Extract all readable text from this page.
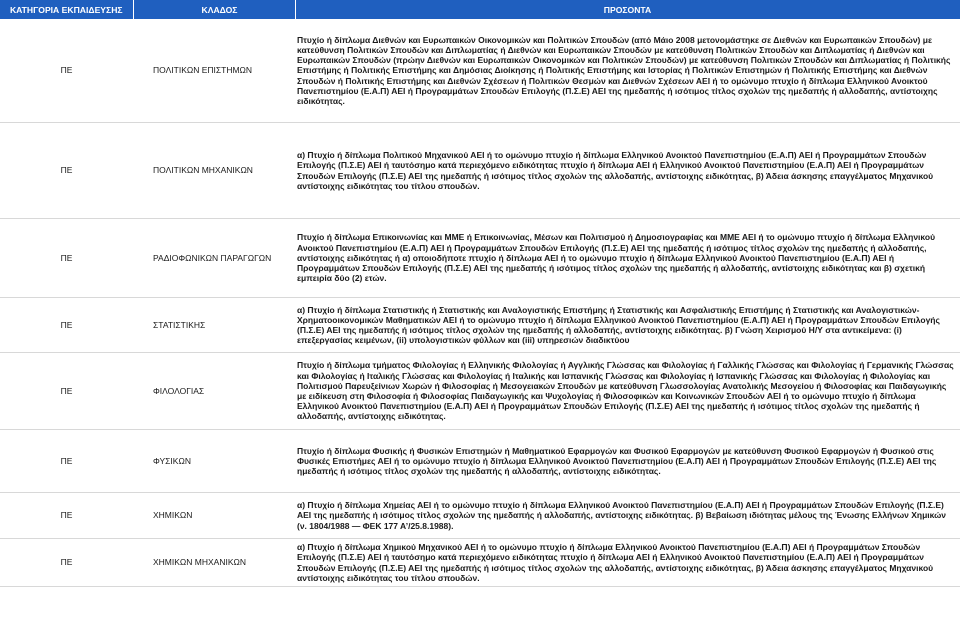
ΚΑΤΗΓΟΡΙΑ ΕΚΠΑΙΔΕΥΣΗΣ	ΚΛΑΔΟΣ	ΠΡΟΣΟΝΤΑ
ΠΕ	ΠΟΛΙΤΙΚΩΝ ΕΠΙΣΤΗΜΩΝ	Πτυχίο ή δίπλωμα Διεθνών και Ευρωπαικών Οικονομικών και Πολιτικών Σπουδών (από Μάιο 2008 μετονομάστηκε σε Διεθνών και Ευρωπαικών Σπουδών) με κατεύθυνση Πολιτικών Σπουδών και Διπλωματίας ή Διεθνών και Ευρωπαικών Σπουδών με κατεύθυνση Πολιτικών Σπουδών και Διπλωματίας ή Διεθνών και Ευρωπαικών Σπουδών (πρώην Διεθνών και Ευρωπαικών Οικονομικών και Πολιτικών Σπουδών) με κατεύθυνση Πολιτικών Σπουδών και Διπλωματίας ή Πολιτικής Επιστήμης ή Πολιτικής Επιστήμης και Δημόσιας Διοίκησης ή Πολιτικής Επιστήμης και Ιστορίας ή Πολιτικών Επιστημών ή Πολιτικής Επιστήμης και Διεθνών Σπουδών ή Πολιτικής Επιστήμης και Διεθνών Σχέσεων ή Πολιτικών Θεσμών και Διεθνών Σχέσεων ΑΕΙ ή το ομώνυμο πτυχίο ή δίπλωμα Ελληνικού Ανοικτού Πανεπιστημίου (Ε.Α.Π) ΑΕΙ ή Προγραμμάτων Σπουδών Επιλογής (Π.Σ.Ε) ΑΕΙ της ημεδαπής ή ισότιμος τίτλος σχολών της ημεδαπής ή αλλοδαπής, αντίστοιχης ειδικότητας.
ΠΕ	ΠΟΛΙΤΙΚΩΝ ΜΗΧΑΝΙΚΩΝ	α) Πτυχίο ή δίπλωμα Πολιτικού Μηχανικού ΑΕΙ ή το ομώνυμο πτυχίο ή δίπλωμα Ελληνικού Ανοικτού Πανεπιστημίου (Ε.Α.Π) ΑΕΙ ή Προγραμμάτων Σπουδών Επιλογής (Π.Σ.Ε) ΑΕΙ ή ταυτόσημο κατά περιεχόμενο ειδικότητας πτυχίο ή δίπλωμα ΑΕΙ ή Ελληνικού Ανοικτού Πανεπιστημίου (Ε.Α.Π) ΑΕΙ ή Προγραμμάτων Σπουδών Επιλογής (Π.Σ.Ε) ΑΕΙ της ημεδαπής ή ισότιμος τίτλος σχολών της αλλοδαπής, αντίστοιχης ειδικότητας, β) Άδεια άσκησης επαγγέλματος Μηχανικού αντίστοιχης ειδικότητας του τίτλου σπουδών.
ΠΕ	ΡΑΔΙΟΦΩΝΙΚΩΝ ΠΑΡΑΓΩΓΩΝ	Πτυχίο ή δίπλωμα Επικοινωνίας και ΜΜΕ ή Επικοινωνίας, Μέσων και Πολιτισμού ή Δημοσιογραφίας και ΜΜΕ ΑΕΙ ή το ομώνυμο πτυχίο ή δίπλωμα Ελληνικού Ανοικτού Πανεπιστημίου (Ε.Α.Π) ΑΕΙ ή Προγραμμάτων Σπουδών Επιλογής (Π.Σ.Ε) ΑΕΙ της ημεδαπής ή ισότιμος τίτλος σχολών της ημεδαπής ή αλλοδαπής, αντίστοιχης ειδικότητας ή α) οποιοδήποτε πτυχίο ή δίπλωμα ΑΕΙ ή το ομώνυμο πτυχίο ή δίπλωμα Ελληνικού Ανοικτού Πανεπιστημίου (Ε.Α.Π) ΑΕΙ ή Προγραμμάτων Σπουδών Επιλογής (Π.Σ.Ε) ΑΕΙ της ημεδαπής ή ισότιμος τίτλος σχολών της ημεδαπής ή αλλοδαπής, αντίστοιχης ειδικότητας και β) σχετική εμπειρία δύο (2) ετών.
ΠΕ	ΣΤΑΤΙΣΤΙΚΗΣ	α) Πτυχίο ή δίπλωμα Στατιστικής ή Στατιστικής και Αναλογιστικής Επιστήμης ή Στατιστικής και Ασφαλιστικής Επιστήμης ή Στατιστικής και Αναλογιστικών-Χρηματοοικονομικών Μαθηματικών ΑΕΙ ή το ομώνυμο πτυχίο ή δίπλωμα Ελληνικού Ανοικτού Πανεπιστημίου (Ε.Α.Π) ΑΕΙ ή Προγραμμάτων Σπουδών Επιλογής (Π.Σ.Ε) ΑΕΙ της ημεδαπής ή ισότιμος τίτλος σχολών της ημεδαπής ή αλλοδαπής, αντίστοιχης ειδικότητας. β) Γνώση Χειρισμού Η/Υ στα αντικείμενα: (i) επεξεργασίας κειμένων, (ii) υπολογιστικών φύλλων και (iii) υπηρεσιών διαδικτύου
ΠΕ	ΦΙΛΟΛΟΓΙΑΣ	Πτυχίο ή δίπλωμα τμήματος Φιλολογίας ή Ελληνικής Φιλολογίας ή Αγγλικής Γλώσσας και Φιλολογίας ή Γαλλικής Γλώσσας και Φιλολογίας ή Γερμανικής Γλώσσας και Φιλολογίας ή Ιταλικής Γλώσσας και Φιλολογίας ή Ιταλικής και Ισπανικής Γλώσσας και Φιλολογίας ή Ισπανικής Γλώσσας και Φιλολογίας ή Φιλολογίας και Πολιτισμού Παρευξείνιων Χωρών ή Φιλοσοφίας ή Μεσογειακών Σπουδών με κατεύθυνση Γλωσσολογίας Ανατολικής Μεσογείου ή Φιλοσοφίας και Παιδαγωγικής με ειδίκευση στη Φιλοσοφία ή Φιλοσοφίας Παιδαγωγικής και Ψυχολογίας ή Φιλοσοφικών και Κοινωνικών Σπουδών ΑΕΙ ή το ομώνυμο πτυχίο ή δίπλωμα Ελληνικού Ανοικτού Πανεπιστημίου (Ε.Α.Π) ΑΕΙ ή Προγραμμάτων Σπουδών Επιλογής (Π.Σ.Ε) ΑΕΙ της ημεδαπής ή ισότιμος τίτλος σχολών της ημεδαπής ή αλλοδαπής, αντίστοιχης ειδικότητας.
ΠΕ	ΦΥΣΙΚΩΝ	Πτυχίο ή δίπλωμα Φυσικής ή Φυσικών Επιστημών ή Μαθηματικού Εφαρμογών και Φυσικού Εφαρμογών με κατεύθυνση Φυσικού Εφαρμογών ή Φυσικού στις Φυσικές Επιστήμες ΑΕΙ ή το ομώνυμο πτυχίο ή δίπλωμα Ελληνικού Ανοικτού Πανεπιστημίου (Ε.Α.Π) ΑΕΙ ή Προγραμμάτων Σπουδών Επιλογής (Π.Σ.Ε) ΑΕΙ της ημεδαπής ή ισότιμος τίτλος σχολών της ημεδαπής ή αλλοδαπής, αντίστοιχης ειδικότητας.
ΠΕ	ΧΗΜΙΚΩΝ	α) Πτυχίο ή δίπλωμα Χημείας ΑΕΙ ή το ομώνυμο πτυχίο ή δίπλωμα Ελληνικού Ανοικτού Πανεπιστημίου (Ε.Α.Π) ΑΕΙ ή Προγραμμάτων Σπουδών Επιλογής (Π.Σ.Ε) ΑΕΙ της ημεδαπής ή ισότιμος τίτλος σχολών της ημεδαπής ή αλλοδαπής, αντίστοιχης ειδικότητας. β) Βεβαίωση ιδιότητας μέλους της Ένωσης Ελλήνων Χημικών (ν. 1804/1988 — ΦΕΚ 177 Α’/25.8.1988).
ΠΕ	ΧΗΜΙΚΩΝ ΜΗΧΑΝΙΚΩΝ	α) Πτυχίο ή δίπλωμα Χημικού Μηχανικού ΑΕΙ ή το ομώνυμο πτυχίο ή δίπλωμα Ελληνικού Ανοικτού Πανεπιστημίου (Ε.Α.Π) ΑΕΙ ή Προγραμμάτων Σπουδών Επιλογής (Π.Σ.Ε) ΑΕΙ ή ταυτόσημο κατά περιεχόμενο ειδικότητας πτυχίο ή δίπλωμα ΑΕΙ ή Ελληνικού Ανοικτού Πανεπιστημίου (Ε.Α.Π) ΑΕΙ ή Προγραμμάτων Σπουδών Επιλογής (Π.Σ.Ε) ΑΕΙ της ημεδαπής ή ισότιμος τίτλος σχολών της αλλοδαπής, αντίστοιχης ειδικότητας, β) Άδεια άσκησης επαγγέλματος Μηχανικού αντίστοιχης ειδικότητας του τίτλου σπουδών.
